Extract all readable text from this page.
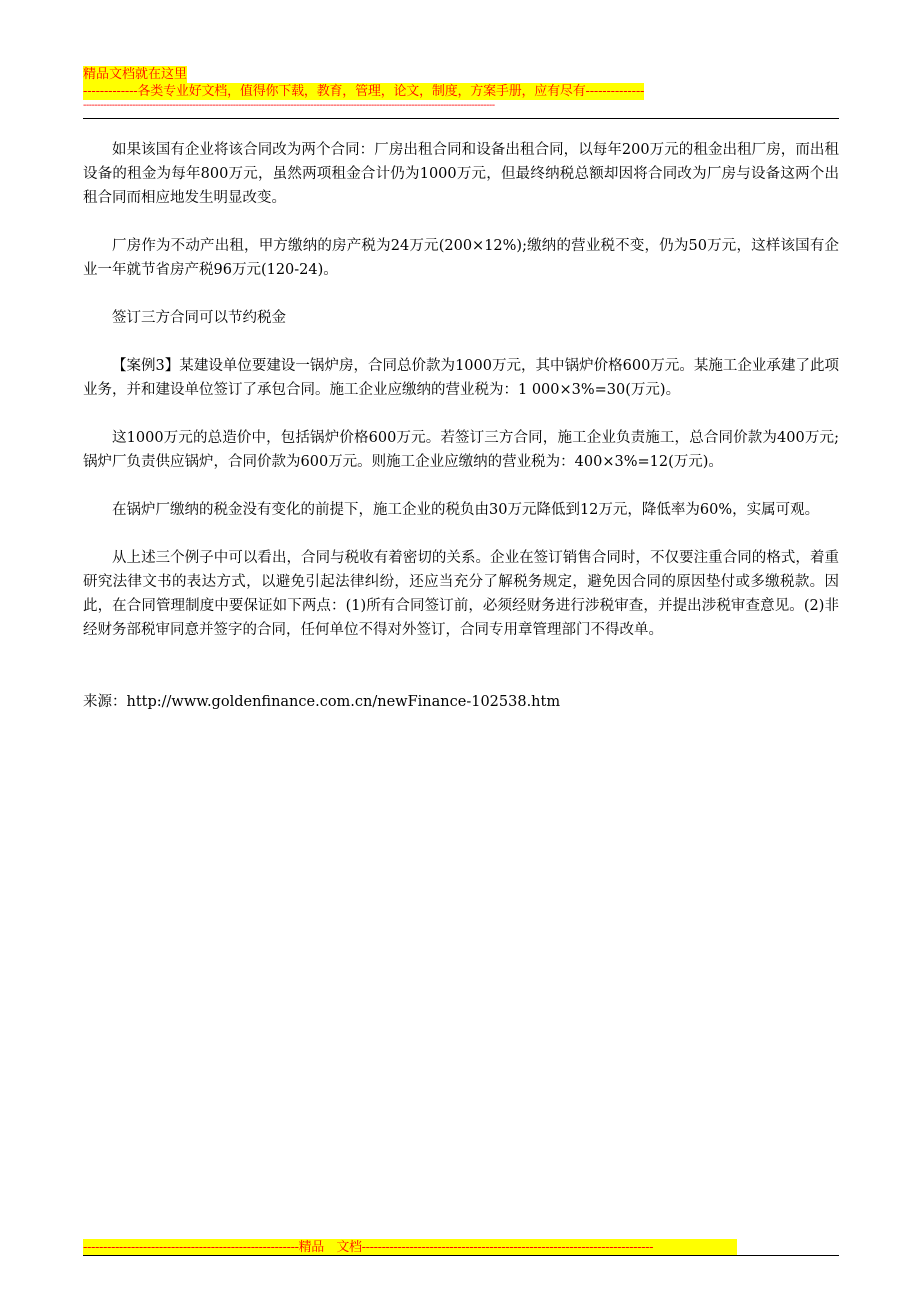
精品文档就在这里
-------------各类专业好文档，值得你下载，教育，管理，论文，制度，方案手册，应有尽有--------------
-----------------------------------------------------------------------------------------------------------------------------------------------

如果该国有企业将该合同改为两个合同：厂房出租合同和设备出租合同，以每年200万元的租金出租厂房，而出租设备的租金为每年800万元，虽然两项租金合计仍为1000万元，但最终纳税总额却因将合同改为厂房与设备这两个出租合同而相应地发生明显改变。

厂房作为不动产出租，甲方缴纳的房产税为24万元(200×12%);缴纳的营业税不变，仍为50万元，这样该国有企业一年就节省房产税96万元(120-24)。

签订三方合同可以节约税金

【案例3】某建设单位要建设一锅炉房，合同总价款为1000万元，其中锅炉价格600万元。某施工企业承建了此项业务，并和建设单位签订了承包合同。施工企业应缴纳的营业税为：1 000×3%=30(万元)。

这1000万元的总造价中，包括锅炉价格600万元。若签订三方合同，施工企业负责施工，总合同价款为400万元;锅炉厂负责供应锅炉，合同价款为600万元。则施工企业应缴纳的营业税为：400×3%=12(万元)。

在锅炉厂缴纳的税金没有变化的前提下，施工企业的税负由30万元降低到12万元，降低率为60%，实属可观。

从上述三个例子中可以看出，合同与税收有着密切的关系。企业在签订销售合同时，不仅要注重合同的格式，着重研究法律文书的表达方式，以避免引起法律纠纷，还应当充分了解税务规定，避免因合同的原因垫付或多缴税款。因此，在合同管理制度中要保证如下两点：(1)所有合同签订前，必须经财务进行涉税审查，并提出涉税审查意见。(2)非经财务部税审同意并签字的合同，任何单位不得对外签订，合同专用章管理部门不得改单。

来源：http://www.goldenfinance.com.cn/newFinance-102538.htm

------------------------------------------------------精品　文档-------------------------------------------------------------------------
